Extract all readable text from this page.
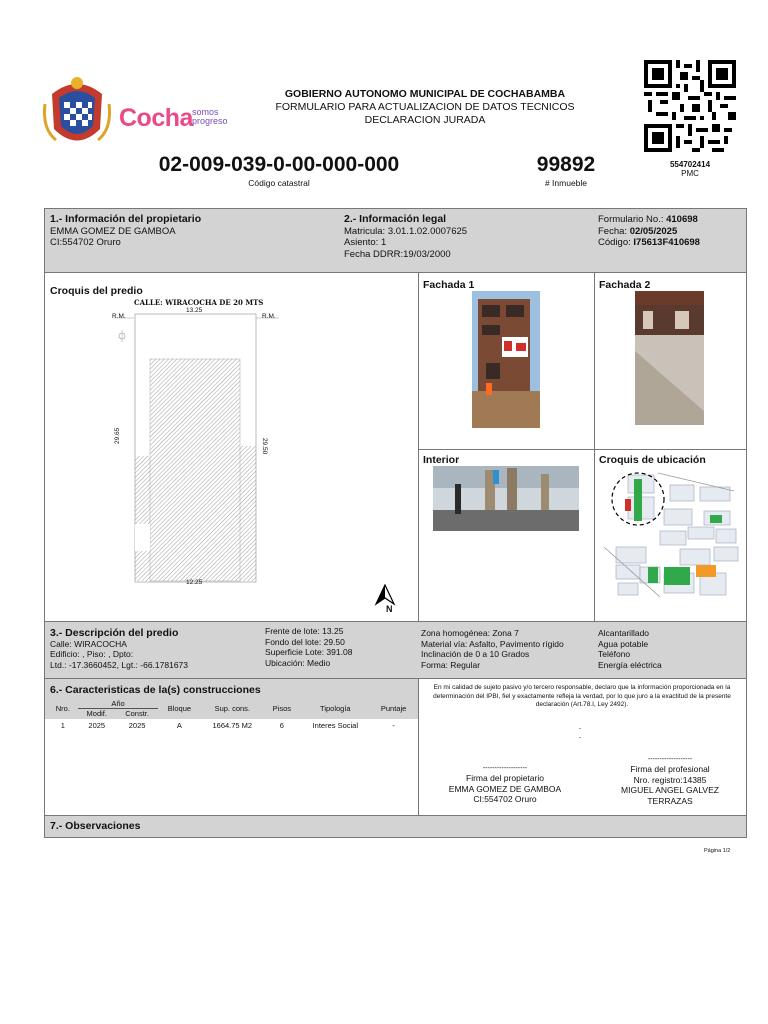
Cocha somos
progreso
GOBIERNO AUTONOMO MUNICIPAL DE COCHABAMBA
FORMULARIO PARA ACTUALIZACION DE DATOS TECNICOS
DECLARACION JURADA
02-009-039-0-00-000-000
Código catastral
99892
# Inmueble
554702414
PMC
1.- Información del propietario
EMMA GOMEZ DE GAMBOA
CI:554702 Oruro
2.- Información legal
Matricula: 3.01.1.02.0007625
Asiento: 1
Fecha DDRR:19/03/2000
Formulario No.: 410698
Fecha: 02/05/2025
Código: I75613F410698
Croquis del predio	Fachada 1	Fachada 2
Interior	Croquis de ubicación
CALLE: WIRACOCHA DE 20 MTS
13.25
R.M.	R.M.
29.65
29.50
12.25
N
3.- Descripción del predio
Calle: WIRACOCHA
Edificio: , Piso: , Dpto:
Ltd.: -17.3660452, Lgt.: -66.1781673
Frente de lote: 13.25
Fondo del lote: 29.50
Superficie Lote: 391.08
Ubicación: Medio
Zona homogénea: Zona 7
Material vía: Asfalto, Pavimento rígido
Inclinación de 0 a 10 Grados
Forma: Regular
Alcantarillado
Agua potable
Teléfono
Energía eléctrica
6.- Caracteristicas de la(s) construcciones
Nro.	Año		Bloque	Sup. cons.	Pisos	Tipología	Puntaje
	Modif.	Constr.					

1	2025	2025	A	1664.75 M2	6	Interes Social	-
En mi calidad de sujeto pasivo y/o tercero responsable, declaro que la información proporcionada en la determinación del IPBI, fiel y exactamente refleja la verdad, por lo que juro a la exactitud de la presente declaración (Art.78.I, Ley 2492).
-
-
-------------------
Firma del propietario
EMMA GOMEZ DE GAMBOA
CI:554702 Oruro
-------------------
Firma del profesional
Nro. registro:14385
MIGUEL ANGEL GALVEZ
TERRAZAS
7.- Observaciones
Página 1/2
